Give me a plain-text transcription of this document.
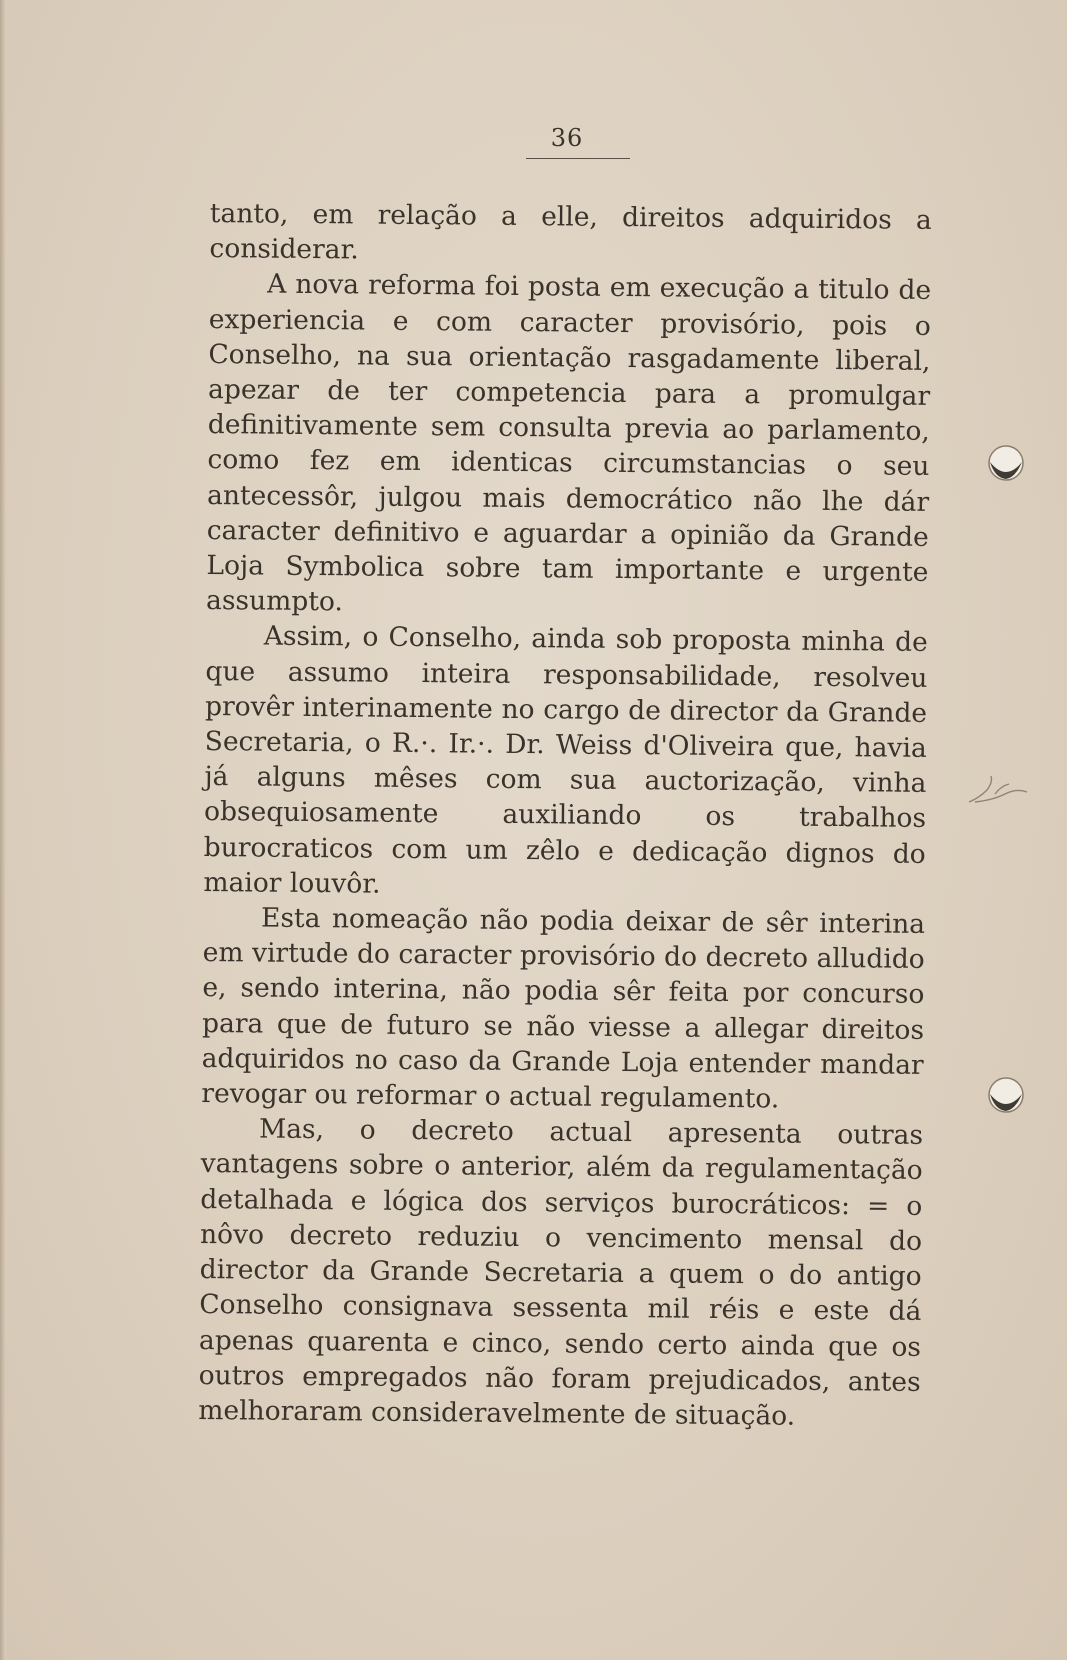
36

tanto, em relação a elle, direitos adquiridos a considerar.

A nova reforma foi posta em execução a titulo de experiencia e com caracter provisório, pois o Conselho, na sua orientação rasgadamente liberal, apezar de ter competencia para a promulgar definitivamente sem consulta previa ao parlamento, como fez em identicas circumstancias o seu antecessôr, julgou mais democrático não lhe dár caracter definitivo e aguardar a opinião da Grande Loja Symbolica sobre tam importante e urgente assumpto.

Assim, o Conselho, ainda sob proposta minha de que assumo inteira responsabilidade, resolveu provêr interinamente no cargo de director da Grande Secretaria, o R.·. Ir.·. Dr. Weiss d'Oliveira que, havia já alguns mêses com sua auctorização, vinha obsequiosamente auxiliando os trabalhos burocraticos com um zêlo e dedicação dignos do maior louvôr.

Esta nomeação não podia deixar de sêr interina em virtude do caracter provisório do decreto alludido e, sendo interina, não podia sêr feita por concurso para que de futuro se não viesse a allegar direitos adquiridos no caso da Grande Loja entender mandar revogar ou reformar o actual regulamento.

Mas, o decreto actual apresenta outras vantagens sobre o anterior, além da regulamentação detalhada e lógica dos serviços burocráticos: = o nôvo decreto reduziu o vencimento mensal do director da Grande Secretaria a quem o do antigo Conselho consignava sessenta mil réis e este dá apenas quarenta e cinco, sendo certo ainda que os outros empregados não foram prejudicados, antes melhoraram consideravelmente de situação.
